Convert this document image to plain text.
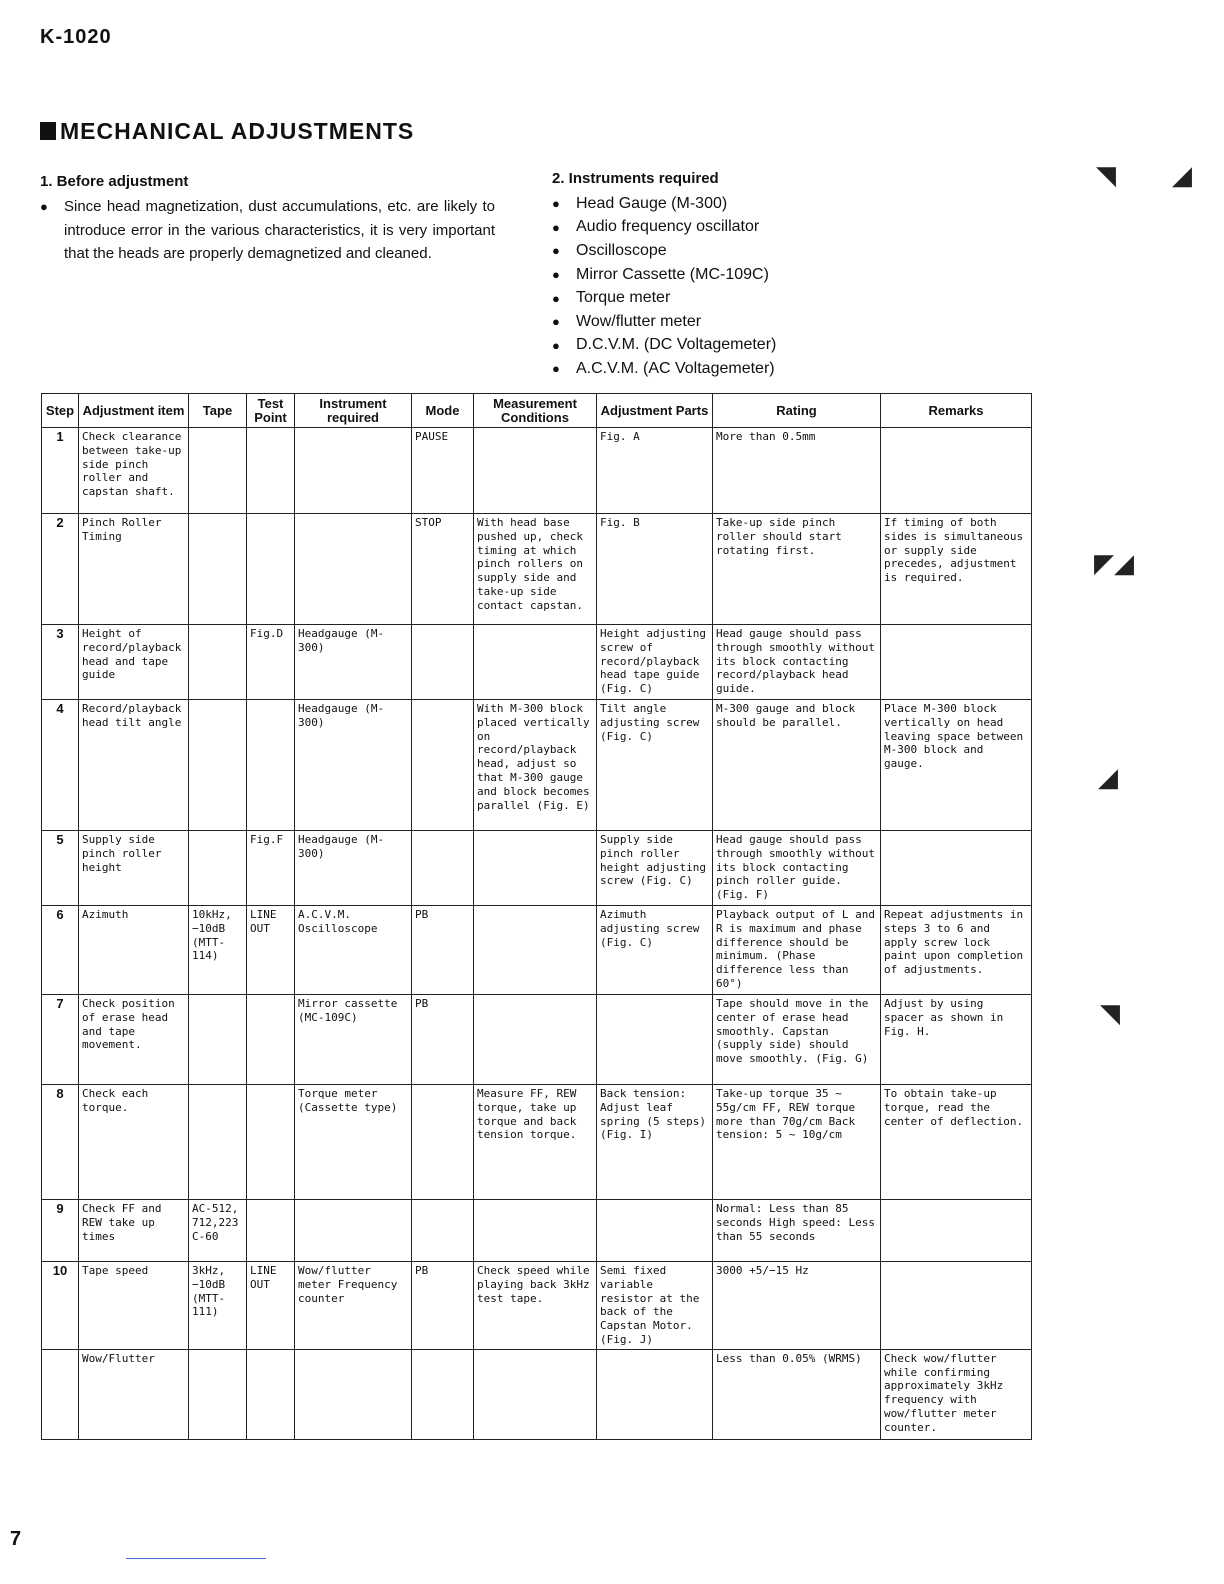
K-1020
MECHANICAL ADJUSTMENTS
1. Before adjustment
●	Since head magnetization, dust accumulations, etc. are likely to introduce error in the various characteristics, it is very important that the heads are properly demagnetized and cleaned.
2. Instruments required
●	Head Gauge (M-300)
●	Audio frequency oscillator
●	Oscilloscope
●	Mirror Cassette (MC-109C)
●	Torque meter
●	Wow/flutter meter
●	D.C.V.M. (DC Voltagemeter)
●	A.C.V.M. (AC Voltagemeter)
Step	Adjustment item	Tape	Test Point	Instrument required	Mode	Measurement Conditions	Adjustment Parts	Rating	Remarks
1	Check clearance between take-up side pinch roller and capstan shaft.				PAUSE		Fig. A	More than 0.5mm	
2	Pinch Roller Timing				STOP	With head base pushed up, check timing at which pinch rollers on supply side and take-up side contact capstan.	Fig. B	Take-up side pinch roller should start rotating first.	If timing of both sides is simultaneous or supply side precedes, adjustment is required.
3	Height of record/playback head and tape guide		Fig.D	Headgauge (M-300)			Height adjusting screw of record/playback head tape guide (Fig. C)	Head gauge should pass through smoothly without its block contacting record/playback head guide.	
4	Record/playback head tilt angle			Headgauge (M-300)		With M-300 block placed vertically on record/playback head, adjust so that M-300 gauge and block becomes parallel (Fig. E)	Tilt angle adjusting screw (Fig. C)	M-300 gauge and block should be parallel.	Place M-300 block vertically on head leaving space between M-300 block and gauge.
5	Supply side pinch roller height		Fig.F	Headgauge (M-300)			Supply side pinch roller height adjusting screw (Fig. C)	Head gauge should pass through smoothly without its block contacting pinch roller guide. (Fig. F)	
6	Azimuth	10kHz, −10dB (MTT-114)	LINE OUT	A.C.V.M. Oscilloscope	PB		Azimuth adjusting screw (Fig. C)	Playback output of L and R is maximum and phase difference should be minimum. (Phase difference less than 60°)	Repeat adjustments in steps 3 to 6 and apply screw lock paint upon completion of adjustments.
7	Check position of erase head and tape movement.			Mirror cassette (MC-109C)	PB			Tape should move in the center of erase head smoothly. Capstan (supply side) should move smoothly. (Fig. G)	Adjust by using spacer as shown in Fig. H.
8	Check each torque.			Torque meter (Cassette type)		Measure FF, REW torque, take up torque and back tension torque.	Back tension: Adjust leaf spring (5 steps) (Fig. I)	Take-up torque 35 ~ 55g/cm FF, REW torque more than 70g/cm Back tension: 5 ~ 10g/cm	To obtain take-up torque, read the center of deflection.
9	Check FF and REW take up times	AC-512, 712,223 C-60						Normal: Less than 85 seconds High speed: Less than 55 seconds	
10	Tape speed	3kHz, −10dB (MTT-111)	LINE OUT	Wow/flutter meter Frequency counter	PB	Check speed while playing back 3kHz test tape.	Semi fixed variable resistor at the back of the Capstan Motor. (Fig. J)	3000 +5/−15 Hz	
	Wow/Flutter							Less than 0.05% (WRMS)	Check wow/flutter while confirming approximately 3kHz frequency with wow/flutter meter counter.
◥ ◢
◤◢
◢
◥
7
